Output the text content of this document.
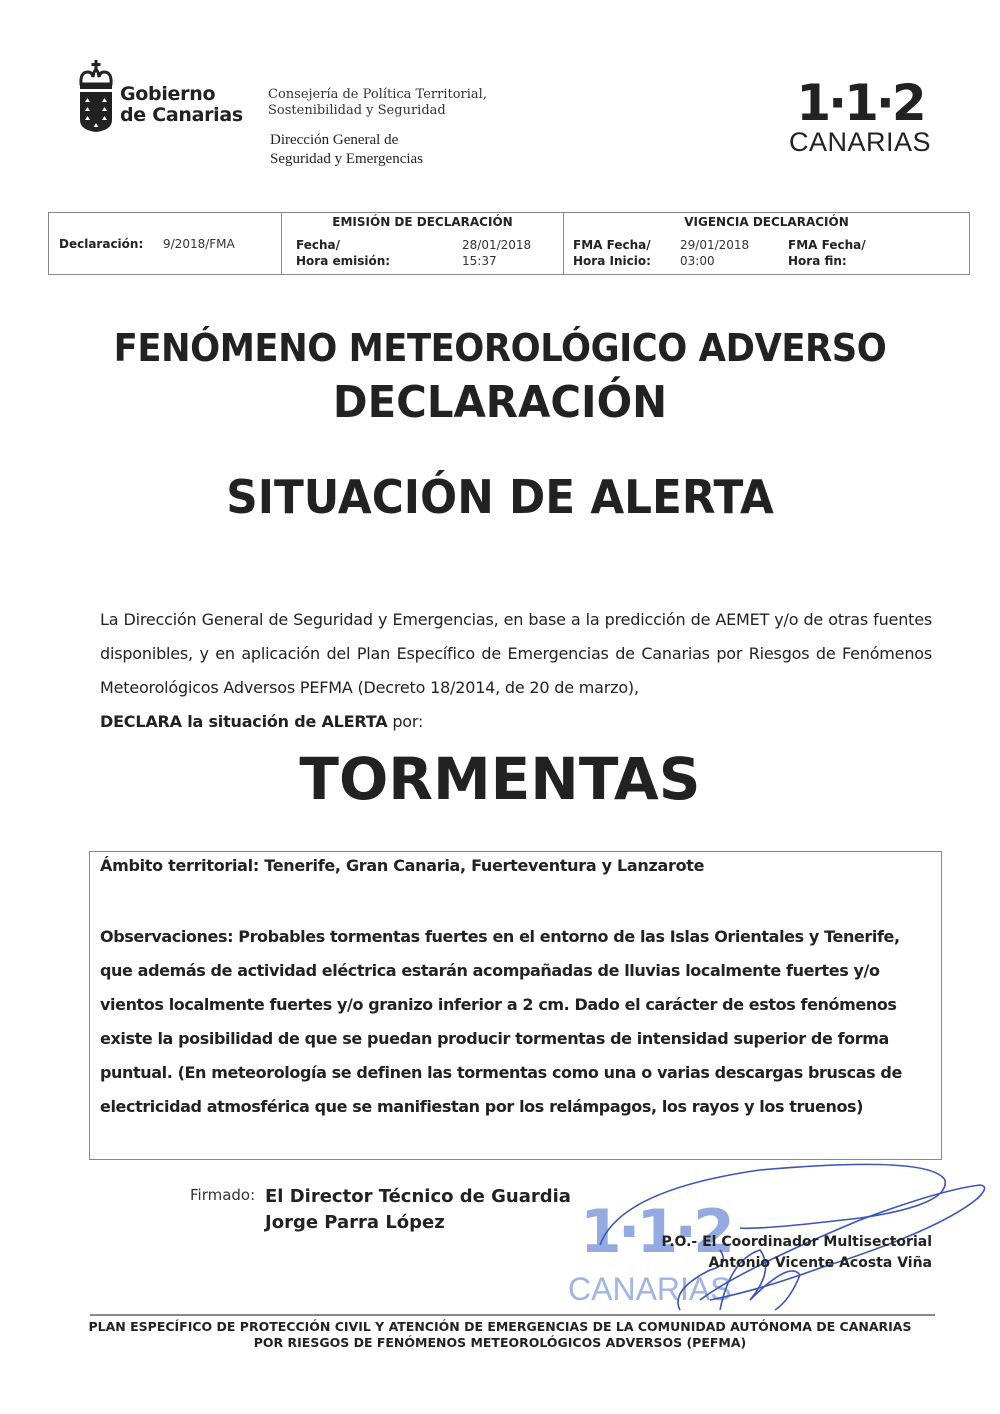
Gobierno
de Canarias
Consejería de Política Territorial,
Sostenibilidad y Seguridad
Dirección General de
Seguridad y Emergencias
1·1·2
CANARIAS
Declaración: 9/2018/FMA
EMISIÓN DE DECLARACIÓN
Fecha/
Hora emisión:
28/01/2018
15:37
VIGENCIA DECLARACIÓN
FMA Fecha/
Hora Inicio:
29/01/2018
03:00
FMA Fecha/
Hora fin:
FENÓMENO METEOROLÓGICO ADVERSO
DECLARACIÓN
SITUACIÓN DE ALERTA
La Dirección General de Seguridad y Emergencias, en base a la predicción de AEMET y/o de otras fuentes disponibles, y en aplicación del Plan Específico de Emergencias de Canarias por Riesgos de Fenómenos Meteorológicos Adversos PEFMA (Decreto 18/2014, de 20 de marzo),
DECLARA la situación de ALERTA por:
TORMENTAS
Ámbito territorial: Tenerife, Gran Canaria, Fuerteventura y Lanzarote
Observaciones: Probables tormentas fuertes en el entorno de las Islas Orientales y Tenerife, que además de actividad eléctrica estarán acompañadas de lluvias localmente fuertes y/o vientos localmente fuertes y/o granizo inferior a 2 cm. Dado el carácter de estos fenómenos existe la posibilidad de que se puedan producir tormentas de intensidad superior de forma puntual. (En meteorología se definen las tormentas como una o varias descargas bruscas de electricidad atmosférica que se manifiestan por los relámpagos, los rayos y los truenos)
Firmado: El Director Técnico de Guardia
Jorge Parra López	1·1·2
CANARIAS
P.O.- El Coordinador Multisectorial
Antonio Vicente Acosta Viña
PLAN ESPECÍFICO DE PROTECCIÓN CIVIL Y ATENCIÓN DE EMERGENCIAS DE LA COMUNIDAD AUTÓNOMA DE CANARIAS
POR RIESGOS DE FENÓMENOS METEOROLÓGICOS ADVERSOS (PEFMA)
